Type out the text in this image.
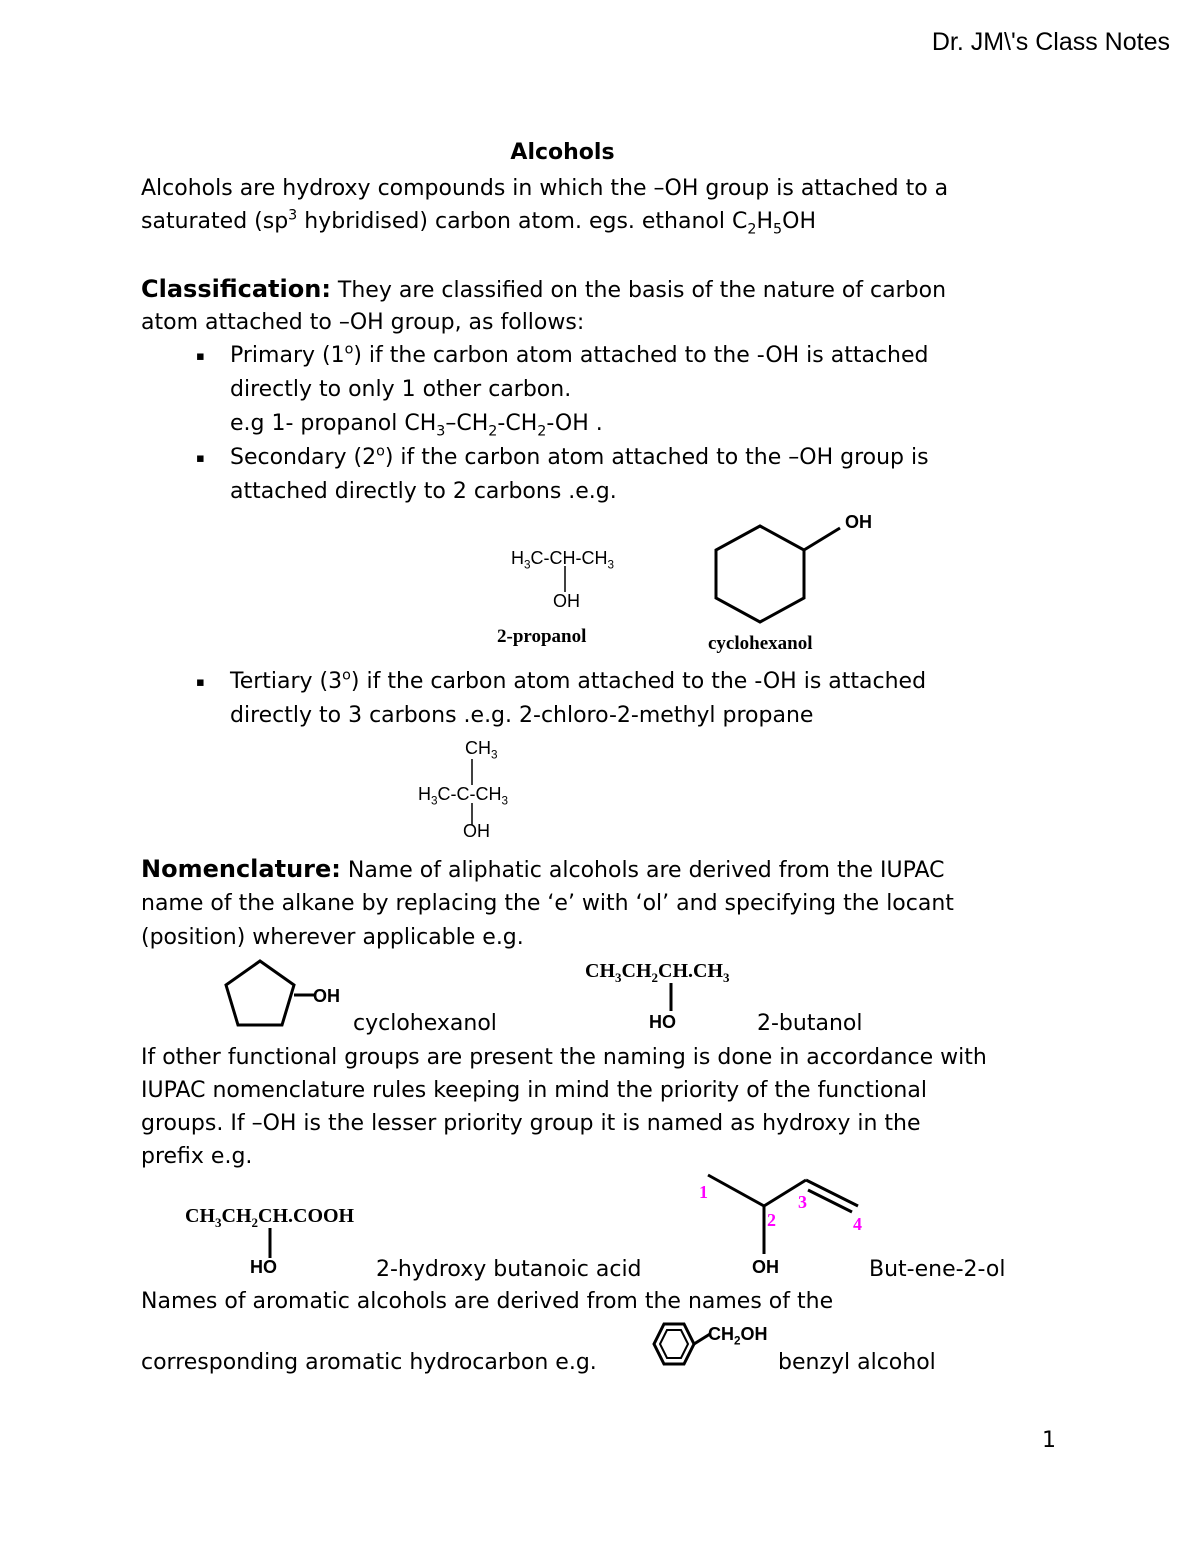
Dr. JM\'s Class Notes
Alcohols
Alcohols are hydroxy compounds in which the –OH group is attached to a
saturated ($sp^3$ hybridised) carbon atom. egs. ethanol $C_2H_5OH$
Classification: They are classified on the basis of the nature of carbon
atom attached to –OH group, as follows:
▪ Primary (1$^o$) if the carbon atom attached to the -OH is attached
directly to only 1 other carbon.
e.g 1- propanol $CH_3-CH_2-CH_2-OH$ .
▪ Secondary (2$^o$) if the carbon atom attached to the –OH group is
attached directly to 2 carbons .e.g.
$H_3C-CH-CH_3$
OH
2-propanol
OH
cyclohexanol
▪ Tertiary (3$^o$) if the carbon atom attached to the -OH is attached
directly to 3 carbons .e.g. 2-chloro-2-methyl propane
$CH_3$
$H_3C-C-CH_3$
OH
Nomenclature: Name of aliphatic alcohols are derived from the IUPAC
name of the alkane by replacing the ‘e’ with ‘ol’ and specifying the locant
(position) wherever applicable e.g.
OH
cyclohexanol
$CH_3CH_2CH.CH_3$
HO	2-butanol
If other functional groups are present the naming is done in accordance with
IUPAC nomenclature rules keeping in mind the priority of the functional
groups. If –OH is the lesser priority group it is named as hydroxy in the
prefix e.g.
$CH_3CH_2CH.COOH$
HO	2-hydroxy butanoic acid
1
2
3
4
OH	But-ene-2-ol
Names of aromatic alcohols are derived from the names of the
corresponding aromatic hydrocarbon e.g.
$CH_2OH$
benzyl alcohol
1
